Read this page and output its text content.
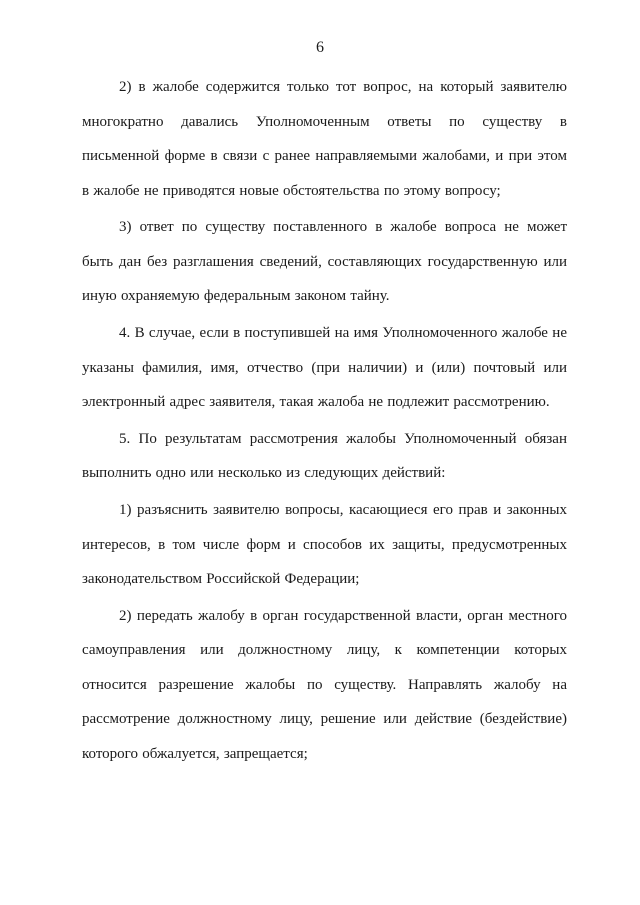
6

2) в жалобе содержится только тот вопрос, на который заявителю многократно давались Уполномоченным ответы по существу в письменной форме в связи с ранее направляемыми жалобами, и при этом в жалобе не приводятся новые обстоятельства по этому вопросу;

3) ответ по существу поставленного в жалобе вопроса не может быть дан без разглашения сведений, составляющих государственную или иную охраняемую федеральным законом тайну.

4. В случае, если в поступившей на имя Уполномоченного жалобе не указаны фамилия, имя, отчество (при наличии) и (или) почтовый или электронный адрес заявителя, такая жалоба не подлежит рассмотрению.

5. По результатам рассмотрения жалобы Уполномоченный обязан выполнить одно или несколько из следующих действий:

1) разъяснить заявителю вопросы, касающиеся его прав и законных интересов, в том числе форм и способов их защиты, предусмотренных законодательством Российской Федерации;

2) передать жалобу в орган государственной власти, орган местного самоуправления или должностному лицу, к компетенции которых относится разрешение жалобы по существу. Направлять жалобу на рассмотрение должностному лицу, решение или действие (бездействие) которого обжалуется, запрещается;
